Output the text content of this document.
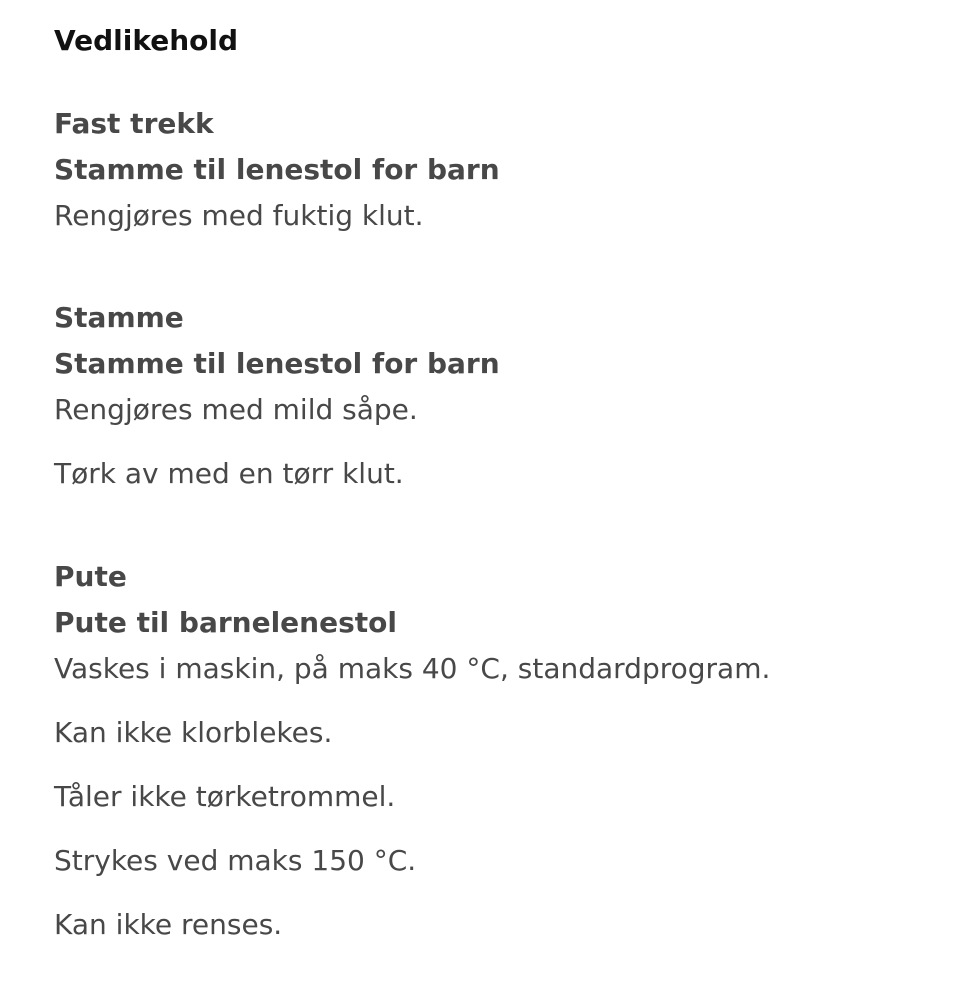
Vedlikehold

Fast trekk

Stamme til lenestol for barn

Rengjøres med fuktig klut.

Stamme

Stamme til lenestol for barn

Rengjøres med mild såpe.

Tørk av med en tørr klut.

Pute

Pute til barnelenestol

Vaskes i maskin, på maks 40 °C, standardprogram.

Kan ikke klorblekes.

Tåler ikke tørketrommel.

Strykes ved maks 150 °C.

Kan ikke renses.
